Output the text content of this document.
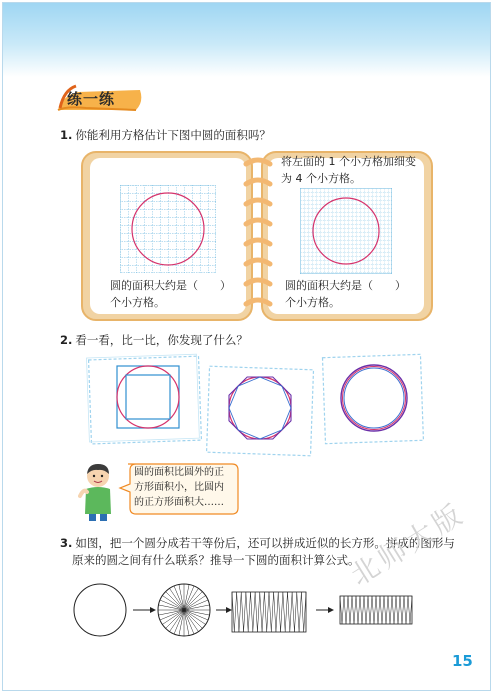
练一练
1. 你能利用方格估计下图中圆的面积吗？
圆的面积大约是（　　）
个小方格。
将左面的 1 个小方格加细变
为 4 个小方格。
圆的面积大约是（　　）
个小方格。
2. 看一看，比一比，你发现了什么？
圆的面积比圆外的正
方形面积小，比圆内
的正方形面积大……
3. 如图，把一个圆分成若干等份后，还可以拼成近似的长方形。拼成的图形与
原来的圆之间有什么联系？推导一下圆的面积计算公式。
北师大版
15
